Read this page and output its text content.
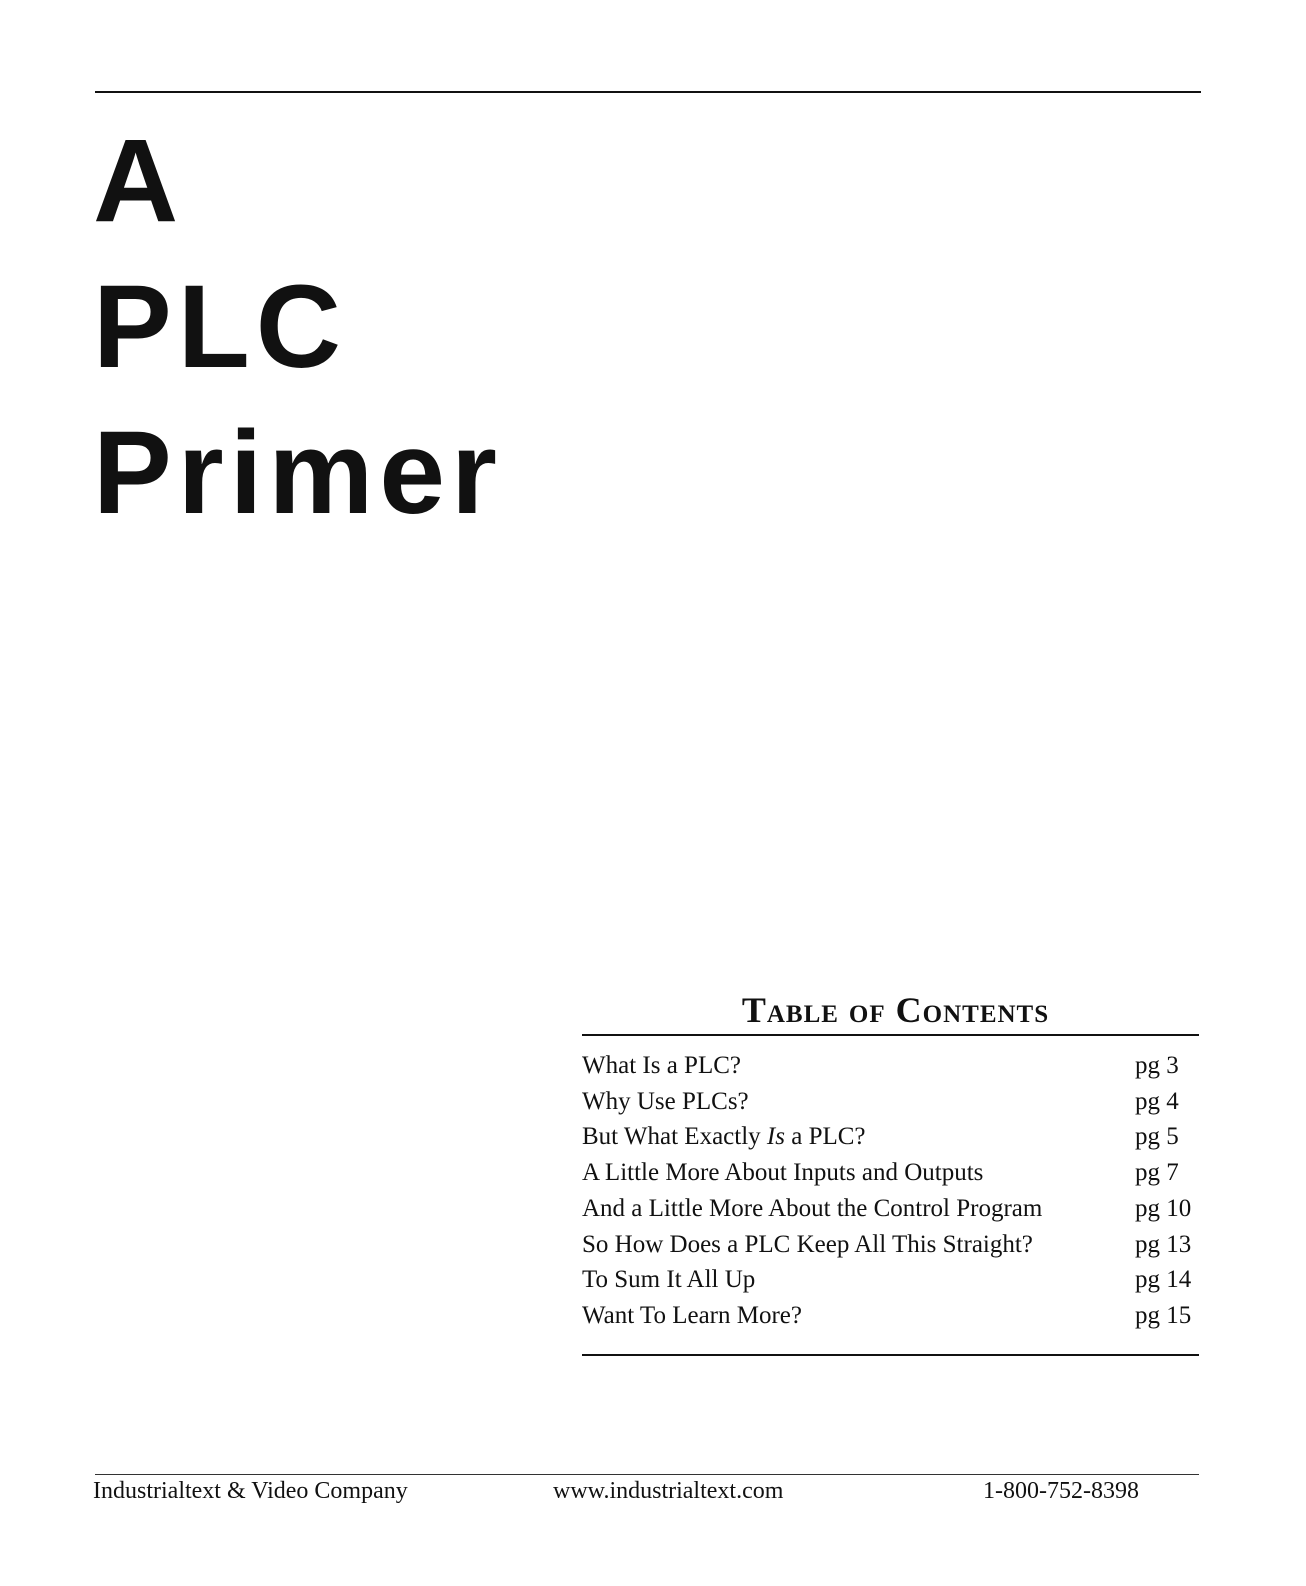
A
PLC
Primer
Table of Contents
What Is a PLC?	pg 3
Why Use PLCs?	pg 4
But What Exactly Is a PLC?	pg 5
A Little More About Inputs and Outputs	pg 7
And a Little More About the Control Program	pg 10
So How Does a PLC Keep All This Straight?	pg 13
To Sum It All Up	pg 14
Want To Learn More?	pg 15
Industrialtext & Video Company	www.industrialtext.com	1-800-752-8398
